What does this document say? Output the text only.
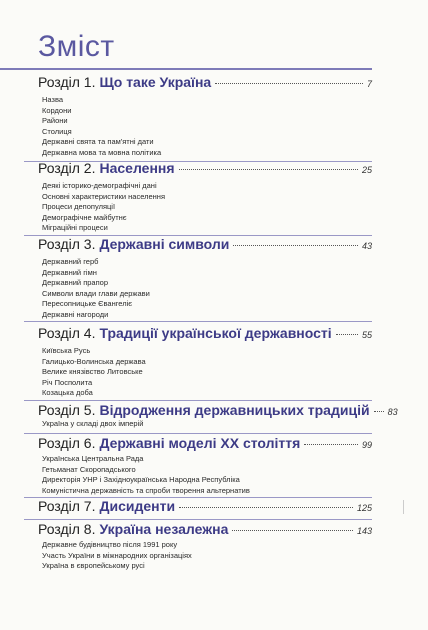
Зміст
Розділ 1. Що таке Україна	7
Назва
Кордони
Райони
Столиця
Державні свята та пам'ятні дати
Державна мова та мовна політика
Розділ 2. Населення	25
Деякі історико-демографічні дані
Основні характеристики населення
Процеси депопуляції
Демографічне майбутнє
Міграційні процеси
Розділ 3. Державні символи	43
Державний герб
Державний гімн
Державний прапор
Символи влади глави держави
Пересопницьке Євангеліє
Державні нагороди
Розділ 4. Традиції української державності	55
Київська Русь
Галицько-Волинська держава
Велике князівство Литовське
Річ Посполита
Козацька доба
Розділ 5. Відродження державницьких традицій 83
Україна у складі двох імперій
Розділ 6. Державні моделі XX століття	99
Українська Центральна Рада
Гетьманат Скоропадського
Директорія УНР і Західноукраїнська Народна Республіка
Комуністична державність та спроби творення альтернатив
Розділ 7. Дисиденти	125
Розділ 8. Україна незалежна	143
Державне будівництво після 1991 року
Участь України в міжнародних організаціях
Україна в європейському русі
